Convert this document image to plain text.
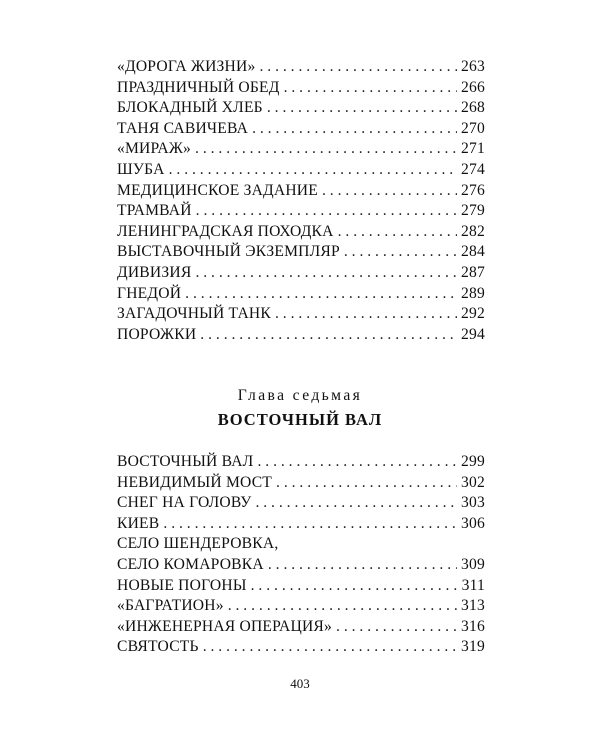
«ДОРОГА ЖИЗНИ» . . .	263
ПРАЗДНИЧНЫЙ ОБЕД . . .	266
БЛОКАДНЫЙ ХЛЕБ . . .	268
ТАНЯ САВИЧЕВА . . .	270
«МИРАЖ» . . .	271
ШУБА . . .	274
МЕДИЦИНСКОЕ ЗАДАНИЕ . . .	276
ТРАМВАЙ . . .	279
ЛЕНИНГРАДСКАЯ ПОХОДКА . . .	282
ВЫСТАВОЧНЫЙ ЭКЗЕМПЛЯР . . .	284
ДИВИЗИЯ . . .	287
ГНЕДОЙ . . .	289
ЗАГАДОЧНЫЙ ТАНК . . .	292
ПОРОЖКИ . . .	294
Глава седьмая
ВОСТОЧНЫЙ ВАЛ
ВОСТОЧНЫЙ ВАЛ . . .	299
НЕВИДИМЫЙ МОСТ . . .	302
СНЕГ НА ГОЛОВУ . . .	303
КИЕВ . . .	306
СЕЛО ШЕНДЕРОВКА,
СЕЛО КОМАРОВКА . . .	309
НОВЫЕ ПОГОНЫ . . .	311
«БАГРАТИОН» . . .	313
«ИНЖЕНЕРНАЯ ОПЕРАЦИЯ» . . .	316
СВЯТОСТЬ . . .	319
403
